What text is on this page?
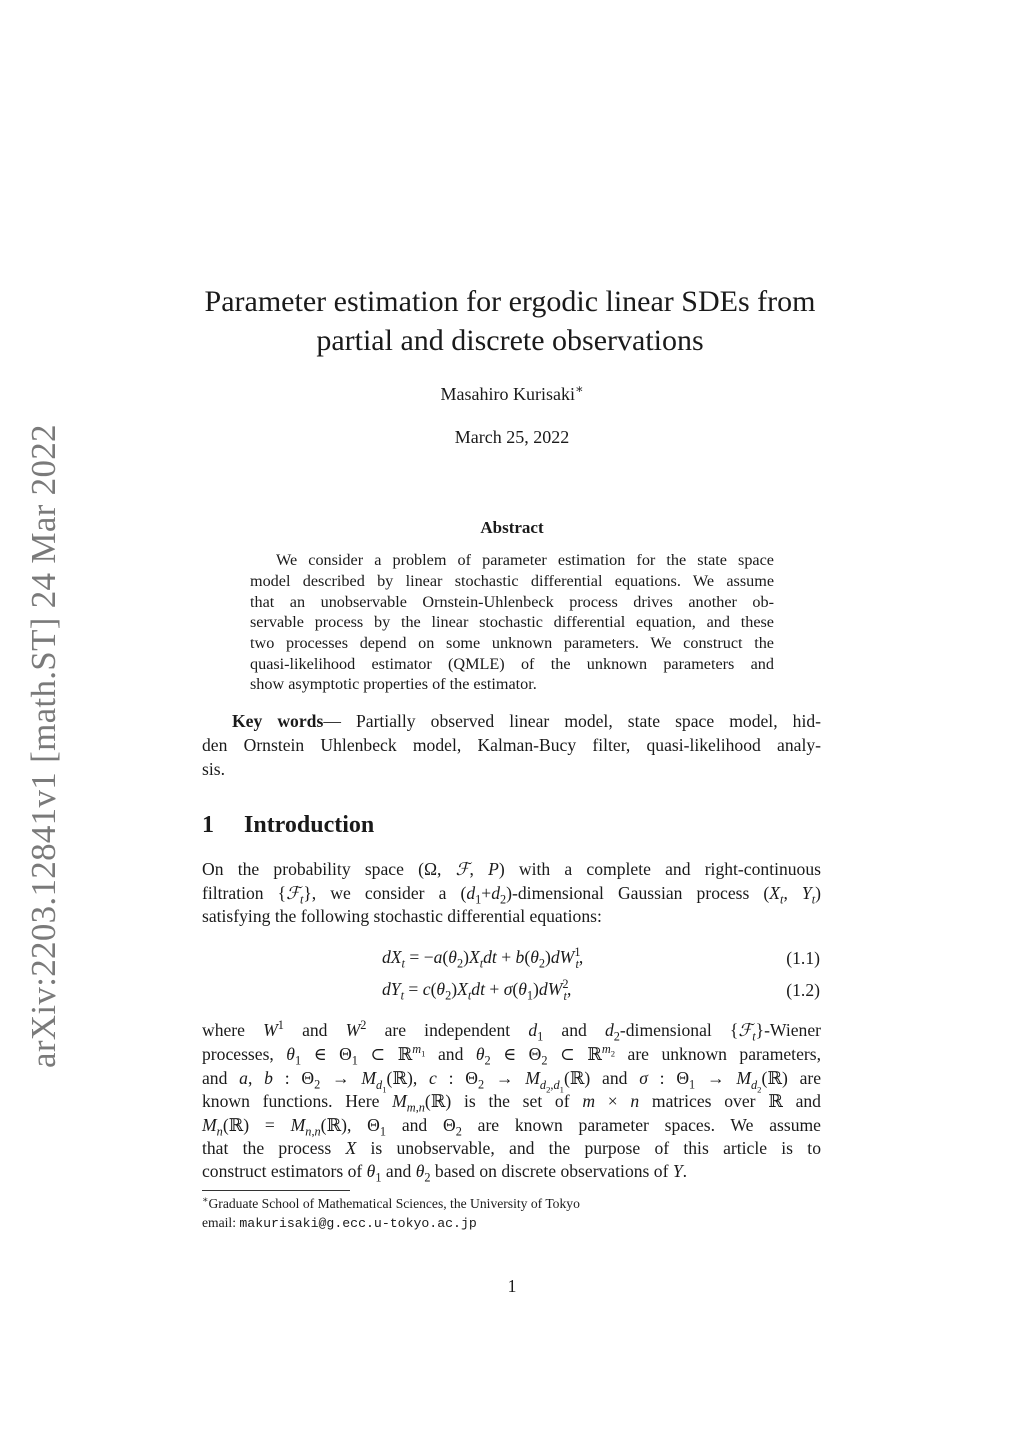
arXiv:2203.12841v1 [math.ST] 24 Mar 2022
Parameter estimation for ergodic linear SDEs from
partial and discrete observations
Masahiro Kurisaki∗
March 25, 2022
Abstract
We consider a problem of parameter estimation for the state space
model described by linear stochastic differential equations. We assume
that an unobservable Ornstein-Uhlenbeck process drives another ob-
servable process by the linear stochastic differential equation, and these
two processes depend on some unknown parameters. We construct the
quasi-likelihood estimator (QMLE) of the unknown parameters and
show asymptotic properties of the estimator.
Key words— Partially observed linear model, state space model, hid-
den Ornstein Uhlenbeck model, Kalman-Bucy filter, quasi-likelihood analy-
sis.
1 Introduction
On the probability space (Ω, ℱ, P) with a complete and right-continuous
filtration {ℱ$_t$}, we consider a $(d_1+d_2)$-dimensional Gaussian process ($X_t$, $Y_t$)
satisfying the following stochastic differential equations:
$dX_t = -a(\theta_2)X_tdt + b(\theta_2)dW^1_t$,	(1.1)
$dY_t = c(\theta_2)X_tdt + \sigma(\theta_1)dW^2_t$,	(1.2)
where $W^1$ and $W^2$ are independent $d_1$ and $d_2$-dimensional {ℱ$_t$}-Wiener
processes, $\theta_1$ ∈ $\Theta_1$ ⊂ ℝ$^{m_1}$ and $\theta_2$ ∈ $\Theta_2$ ⊂ ℝ$^{m_2}$ are unknown parameters,
and a, b : $\Theta_2$ → $M_{d_1}(ℝ)$, c : $\Theta_2$ → $M_{d_2,d_1}(ℝ)$ and σ : $\Theta_1$ → $M_{d_2}(ℝ)$ are
known functions. Here $M_{m,n}(ℝ)$ is the set of m × n matrices over ℝ and
$M_n(ℝ)$ = $M_{n,n}(ℝ)$, $\Theta_1$ and $\Theta_2$ are known parameter spaces. We assume
that the process X is unobservable, and the purpose of this article is to
construct estimators of $\theta_1$ and $\theta_2$ based on discrete observations of Y.
∗Graduate School of Mathematical Sciences, the University of Tokyo
email: makurisaki@g.ecc.u-tokyo.ac.jp
1
